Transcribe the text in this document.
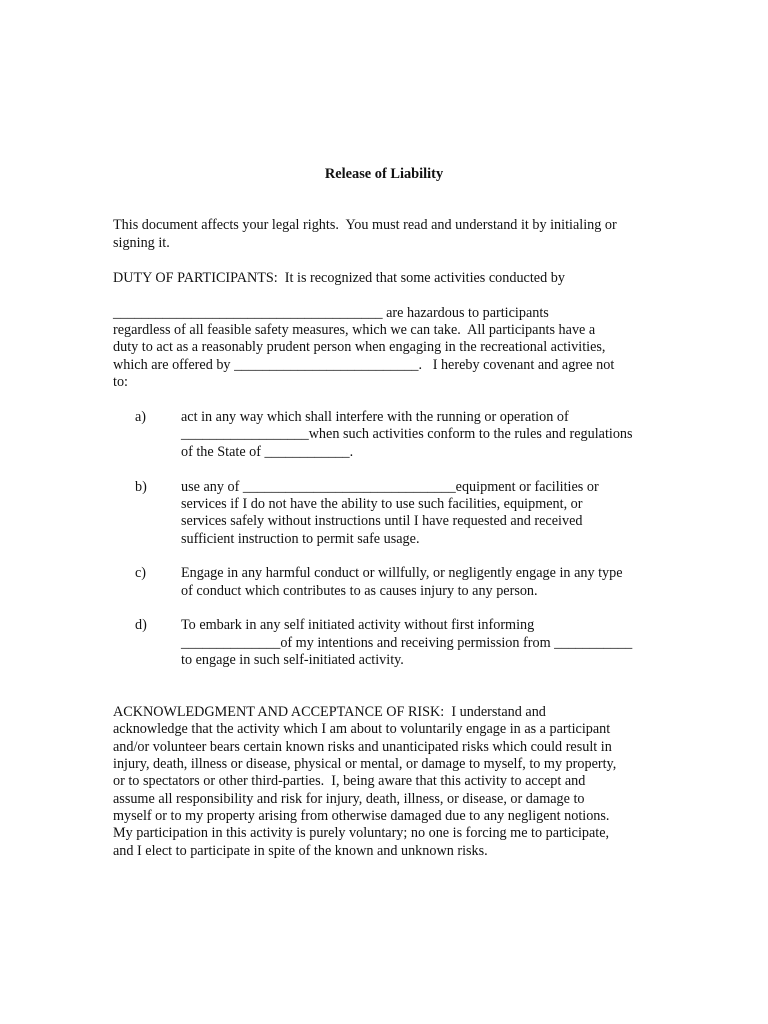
Release of Liability
This document affects your legal rights.  You must read and understand it by initialing or
signing it.
DUTY OF PARTICIPANTS:  It is recognized that some activities conducted by
______________________________________ are hazardous to participants
regardless of all feasible safety measures, which we can take.  All participants have a
duty to act as a reasonably prudent person when engaging in the recreational activities,
which are offered by __________________________.   I hereby covenant and agree not
to:
a) act in any way which shall interfere with the running or operation of
__________________when such activities conform to the rules and regulations
of the State of ____________.
b) use any of ______________________________equipment or facilities or
services if I do not have the ability to use such facilities, equipment, or
services safely without instructions until I have requested and received
sufficient instruction to permit safe usage.
c) Engage in any harmful conduct or willfully, or negligently engage in any type
of conduct which contributes to as causes injury to any person.
d) To embark in any self initiated activity without first informing
______________of my intentions and receiving permission from ___________
to engage in such self-initiated activity.
ACKNOWLEDGMENT AND ACCEPTANCE OF RISK:  I understand and
acknowledge that the activity which I am about to voluntarily engage in as a participant
and/or volunteer bears certain known risks and unanticipated risks which could result in
injury, death, illness or disease, physical or mental, or damage to myself, to my property,
or to spectators or other third-parties.  I, being aware that this activity to accept and
assume all responsibility and risk for injury, death, illness, or disease, or damage to
myself or to my property arising from otherwise damaged due to any negligent notions.
My participation in this activity is purely voluntary; no one is forcing me to participate,
and I elect to participate in spite of the known and unknown risks.
